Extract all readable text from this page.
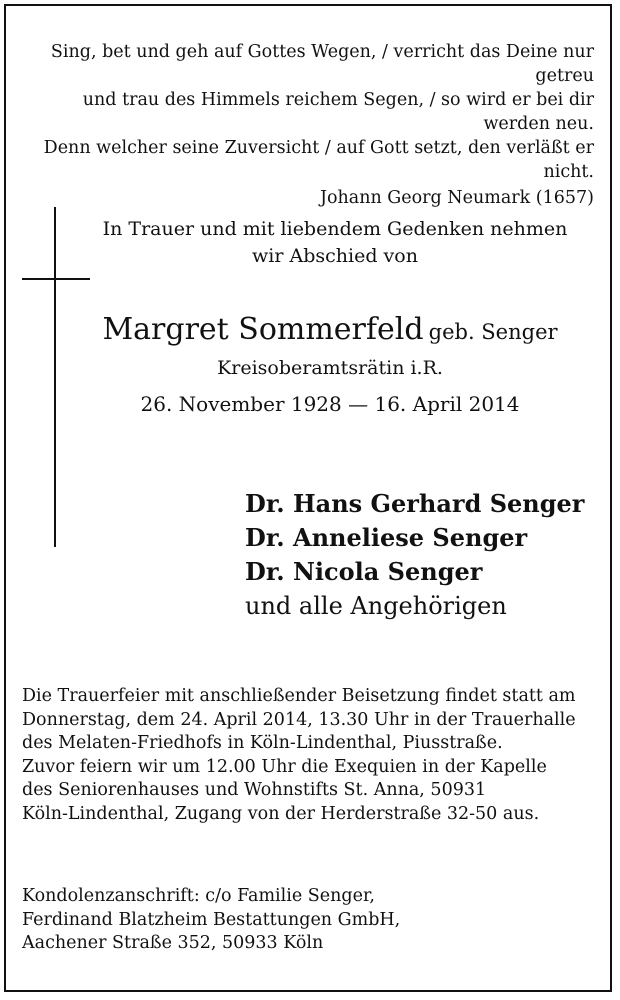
Sing, bet und geh auf Gottes Wegen, / verricht das Deine nur getreu
und trau des Himmels reichem Segen, / so wird er bei dir werden neu.
Denn welcher seine Zuversicht / auf Gott setzt, den verläßt er nicht.
Johann Georg Neumark (1657)
In Trauer und mit liebendem Gedenken nehmen
wir Abschied von
Margret Sommerfeld geb. Senger
Kreisoberamtsrätin i.R.
26. November 1928 — 16. April 2014
Dr. Hans Gerhard Senger
Dr. Anneliese Senger
Dr. Nicola Senger
und alle Angehörigen
Die Trauerfeier mit anschließender Beisetzung findet statt am
Donnerstag, dem 24. April 2014, 13.30 Uhr in der Trauerhalle
des Melaten-Friedhofs in Köln-Lindenthal, Piusstraße.
Zuvor feiern wir um 12.00 Uhr die Exequien in der Kapelle
des Seniorenhauses und Wohnstifts St. Anna, 50931
Köln-Lindenthal, Zugang von der Herderstraße 32-50 aus.
Kondolenzanschrift: c/o Familie Senger,
Ferdinand Blatzheim Bestattungen GmbH,
Aachener Straße 352, 50933 Köln
